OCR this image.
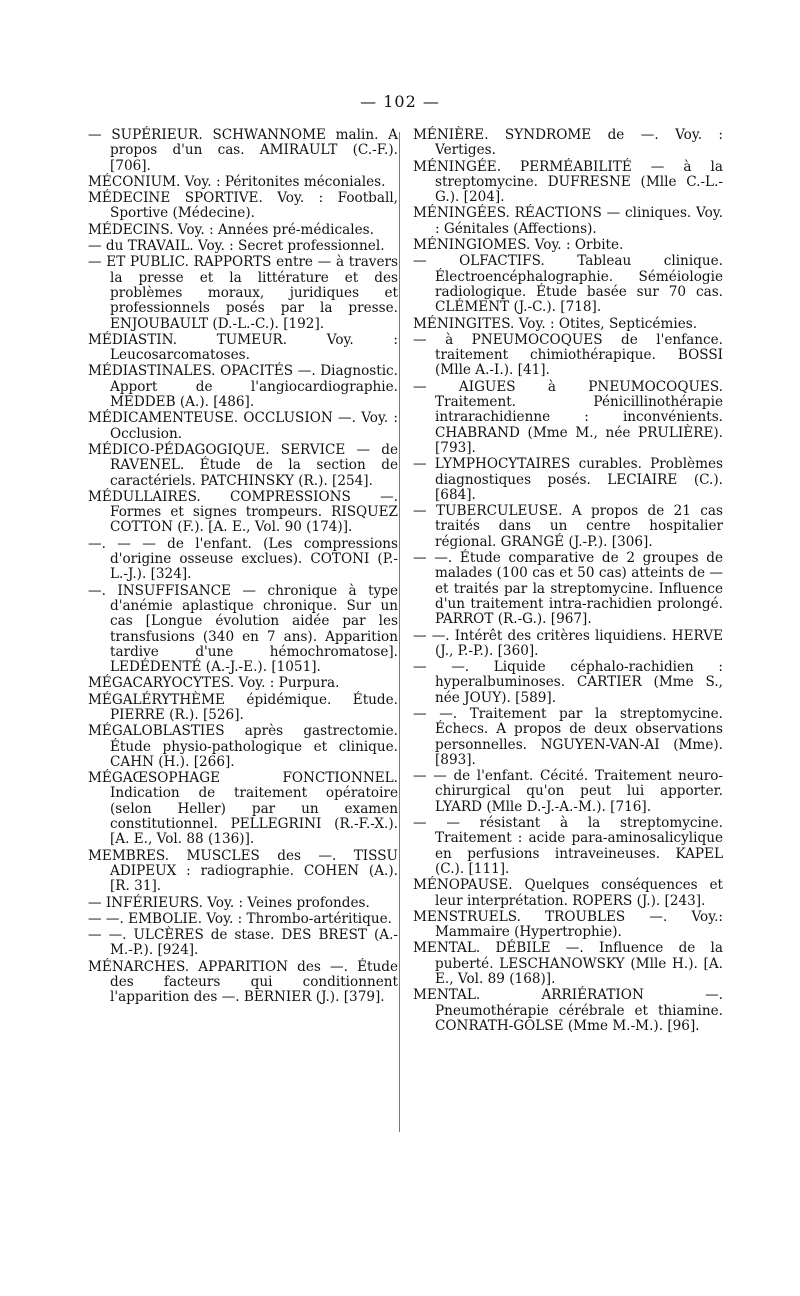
— 102 —

— SUPÉRIEUR. SCHWANNOME malin. A propos d'un cas. AMIRAULT (C.-F.). [706].

MÉCONIUM. Voy. : Péritonites méconiales.

MÉDECINE SPORTIVE. Voy. : Football, Sportive (Médecine).

MÉDECINS. Voy. : Années pré-médicales.

— du TRAVAIL. Voy. : Secret professionnel.

— ET PUBLIC. RAPPORTS entre — à travers la presse et la littérature et des problèmes moraux, juridiques et professionnels posés par la presse. ENJOUBAULT (D.-L.-C.). [192].

MÉDIASTIN. TUMEUR. Voy. : Leucosarcomatoses.

MÉDIASTINALES. OPACITÉS —. Diagnostic. Apport de l'angiocardiographie. MEDDEB (A.). [486].

MÉDICAMENTEUSE. OCCLUSION —. Voy. : Occlusion.

MÉDICO-PÉDAGOGIQUE. SERVICE — de RAVENEL. Étude de la section de caractériels. PATCHINSKY (R.). [254].

MÉDULLAIRES. COMPRESSIONS —. Formes et signes trompeurs. RISQUEZ COTTON (F.). [A. E., Vol. 90 (174)].

—. — — de l'enfant. (Les compressions d'origine osseuse exclues). COTONI (P.-L.-J.). [324].

—. INSUFFISANCE — chronique à type d'anémie aplastique chronique. Sur un cas [Longue évolution aidée par les transfusions (340 en 7 ans). Apparition tardive d'une hémochromatose]. LEDÉDENTÉ (A.-J.-E.). [1051].

MÉGACARYOCYTES. Voy. : Purpura.

MÉGALÉRYTHÈME épidémique. Étude. PIERRE (R.). [526].

MÉGALOBLASTIES après gastrectomie. Étude physio-pathologique et clinique. CAHN (H.). [266].

MÉGAŒSOPHAGE FONCTIONNEL. Indication de traitement opératoire (selon Heller) par un examen constitutionnel. PELLEGRINI (R.-F.-X.). [A. E., Vol. 88 (136)].

MEMBRES. MUSCLES des —. TISSU ADIPEUX : radiographie. COHEN (A.). [R. 31].

— INFÉRIEURS. Voy. : Veines profondes.

— —. EMBOLIE. Voy. : Thrombo-artéritique.

— —. ULCÈRES de stase. DES BREST (A.-M.-P.). [924].

MÉNARCHES. APPARITION des —. Étude des facteurs qui conditionnent l'apparition des —. BERNIER (J.). [379].

MÉNIÈRE. SYNDROME de —. Voy. : Vertiges.

MÉNINGÉE. PERMÉABILITÉ — à la streptomycine. DUFRESNE (Mlle C.-L.-G.). [204].

MÉNINGÉES. RÉACTIONS — cliniques. Voy. : Génitales (Affections).

MÉNINGIOMES. Voy. : Orbite.

— OLFACTIFS. Tableau clinique. Électroencéphalographie. Séméiologie radiologique. Étude basée sur 70 cas. CLÉMENT (J.-C.). [718].

MÉNINGITES. Voy. : Otites, Septicémies.

— à PNEUMOCOQUES de l'enfance. traitement chimiothérapique. BOSSI (Mlle A.-I.). [41].

— AIGUES à PNEUMOCOQUES. Traitement. Pénicillinothérapie intrarachidienne : inconvénients. CHABRAND (Mme M., née PRULIÈRE). [793].

— LYMPHOCYTAIRES curables. Problèmes diagnostiques posés. LECIAIRE (C.). [684].

— TUBERCULEUSE. A propos de 21 cas traités dans un centre hospitalier régional. GRANGÉ (J.-P.). [306].

— —. Étude comparative de 2 groupes de malades (100 cas et 50 cas) atteints de — et traités par la streptomycine. Influence d'un traitement intra-rachidien prolongé. PARROT (R.-G.). [967].

— —. Intérêt des critères liquidiens. HERVE (J., P.-P.). [360].

— —. Liquide céphalo-rachidien : hyperalbuminoses. CARTIER (Mme S., née JOUY). [589].

— —. Traitement par la streptomycine. Échecs. A propos de deux observations personnelles. NGUYEN-VAN-AI (Mme). [893].

— — de l'enfant. Cécité. Traitement neuro-chirurgical qu'on peut lui apporter. LYARD (Mlle D.-J.-A.-M.). [716].

— — résistant à la streptomycine. Traitement : acide para-aminosalicylique en perfusions intraveineuses. KAPEL (C.). [111].

MÉNOPAUSE. Quelques conséquences et leur interprétation. ROPERS (J.). [243].

MENSTRUELS. TROUBLES —. Voy.: Mammaire (Hypertrophie).

MENTAL. DÉBILE —. Influence de la puberté. LESCHANOWSKY (Mlle H.). [A. E., Vol. 89 (168)].

MENTAL. ARRIÉRATION —. Pneumothérapie cérébrale et thiamine. CONRATH-GOLSE (Mme M.-M.). [96].
